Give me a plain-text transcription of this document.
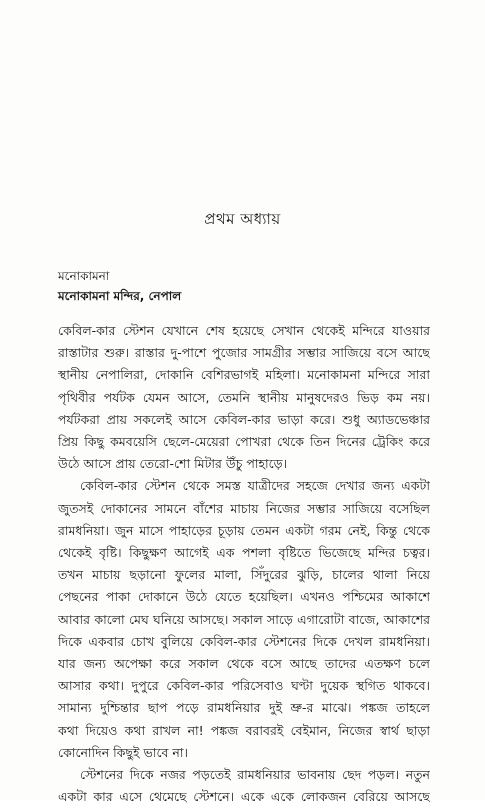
প্রথম অধ্যায়
মনোকামনা
মনোকামনা মন্দির, নেপাল
কেবিল-কার স্টেশন যেখানে শেষ হয়েছে সেখান থেকেই মন্দিরে যাওয়ার
রাস্তাটার শুরু। রাস্তার দু-পাশে পুজোর সামগ্রীর সম্ভার সাজিয়ে বসে আছে
স্থানীয় নেপালিরা, দোকানি বেশিরভাগই মহিলা। মনোকামনা মন্দিরে সারা
পৃথিবীর পর্যটক যেমন আসে, তেমনি স্থানীয় মানুষদেরও ভিড় কম নয়।
পর্যটকরা প্রায় সকলেই আসে কেবিল-কার ভাড়া করে। শুধু অ্যাডভেঞ্চার
প্রিয় কিছু কমবয়েসি ছেলে-মেয়েরা পোখরা থেকে তিন দিনের ট্রেকিং করে
উঠে আসে প্রায় তেরো-শো মিটার উঁচু পাহাড়ে।
কেবিল-কার স্টেশন থেকে সমস্ত যাত্রীদের সহজে দেখার জন্য একটা
জুতসই দোকানের সামনে বাঁশের মাচায় নিজের সম্ভার সাজিয়ে বসেছিল
রামধনিয়া। জুন মাসে পাহাড়ের চূড়ায় তেমন একটা গরম নেই, কিন্তু থেকে
থেকেই বৃষ্টি। কিছুক্ষণ আগেই এক পশলা বৃষ্টিতে ভিজেছে মন্দির চত্বর।
তখন মাচায় ছড়ানো ফুলের মালা, সিঁদুরের ঝুড়ি, চালের থালা নিয়ে
পেছনের পাকা দোকানে উঠে যেতে হয়েছিল। এখনও পশ্চিমের আকাশে
আবার কালো মেঘ ঘনিয়ে আসছে। সকাল সাড়ে এগারোটা বাজে, আকাশের
দিকে একবার চোখ বুলিয়ে কেবিল-কার স্টেশনের দিকে দেখল রামধনিয়া।
যার জন্য অপেক্ষা করে সকাল থেকে বসে আছে তাদের এতক্ষণ চলে
আসার কথা। দুপুরে কেবিল-কার পরিসেবাও ঘণ্টা দুয়েক স্থগিত থাকবে।
সামান্য দুশ্চিন্তার ছাপ পড়ে রামধনিয়ার দুই ভ্রু-র মাঝে। পঙ্কজ তাহলে
কথা দিয়েও কথা রাখল না! পঙ্কজ বরাবরই বেইমান, নিজের স্বার্থ ছাড়া
কোনোদিন কিছুই ভাবে না।
স্টেশনের দিকে নজর পড়তেই রামধনিয়ার ভাবনায় ছেদ পড়ল। নতুন
একটা কার এসে থেমেছে স্টেশনে। একে একে লোকজন বেরিয়ে আসছে
